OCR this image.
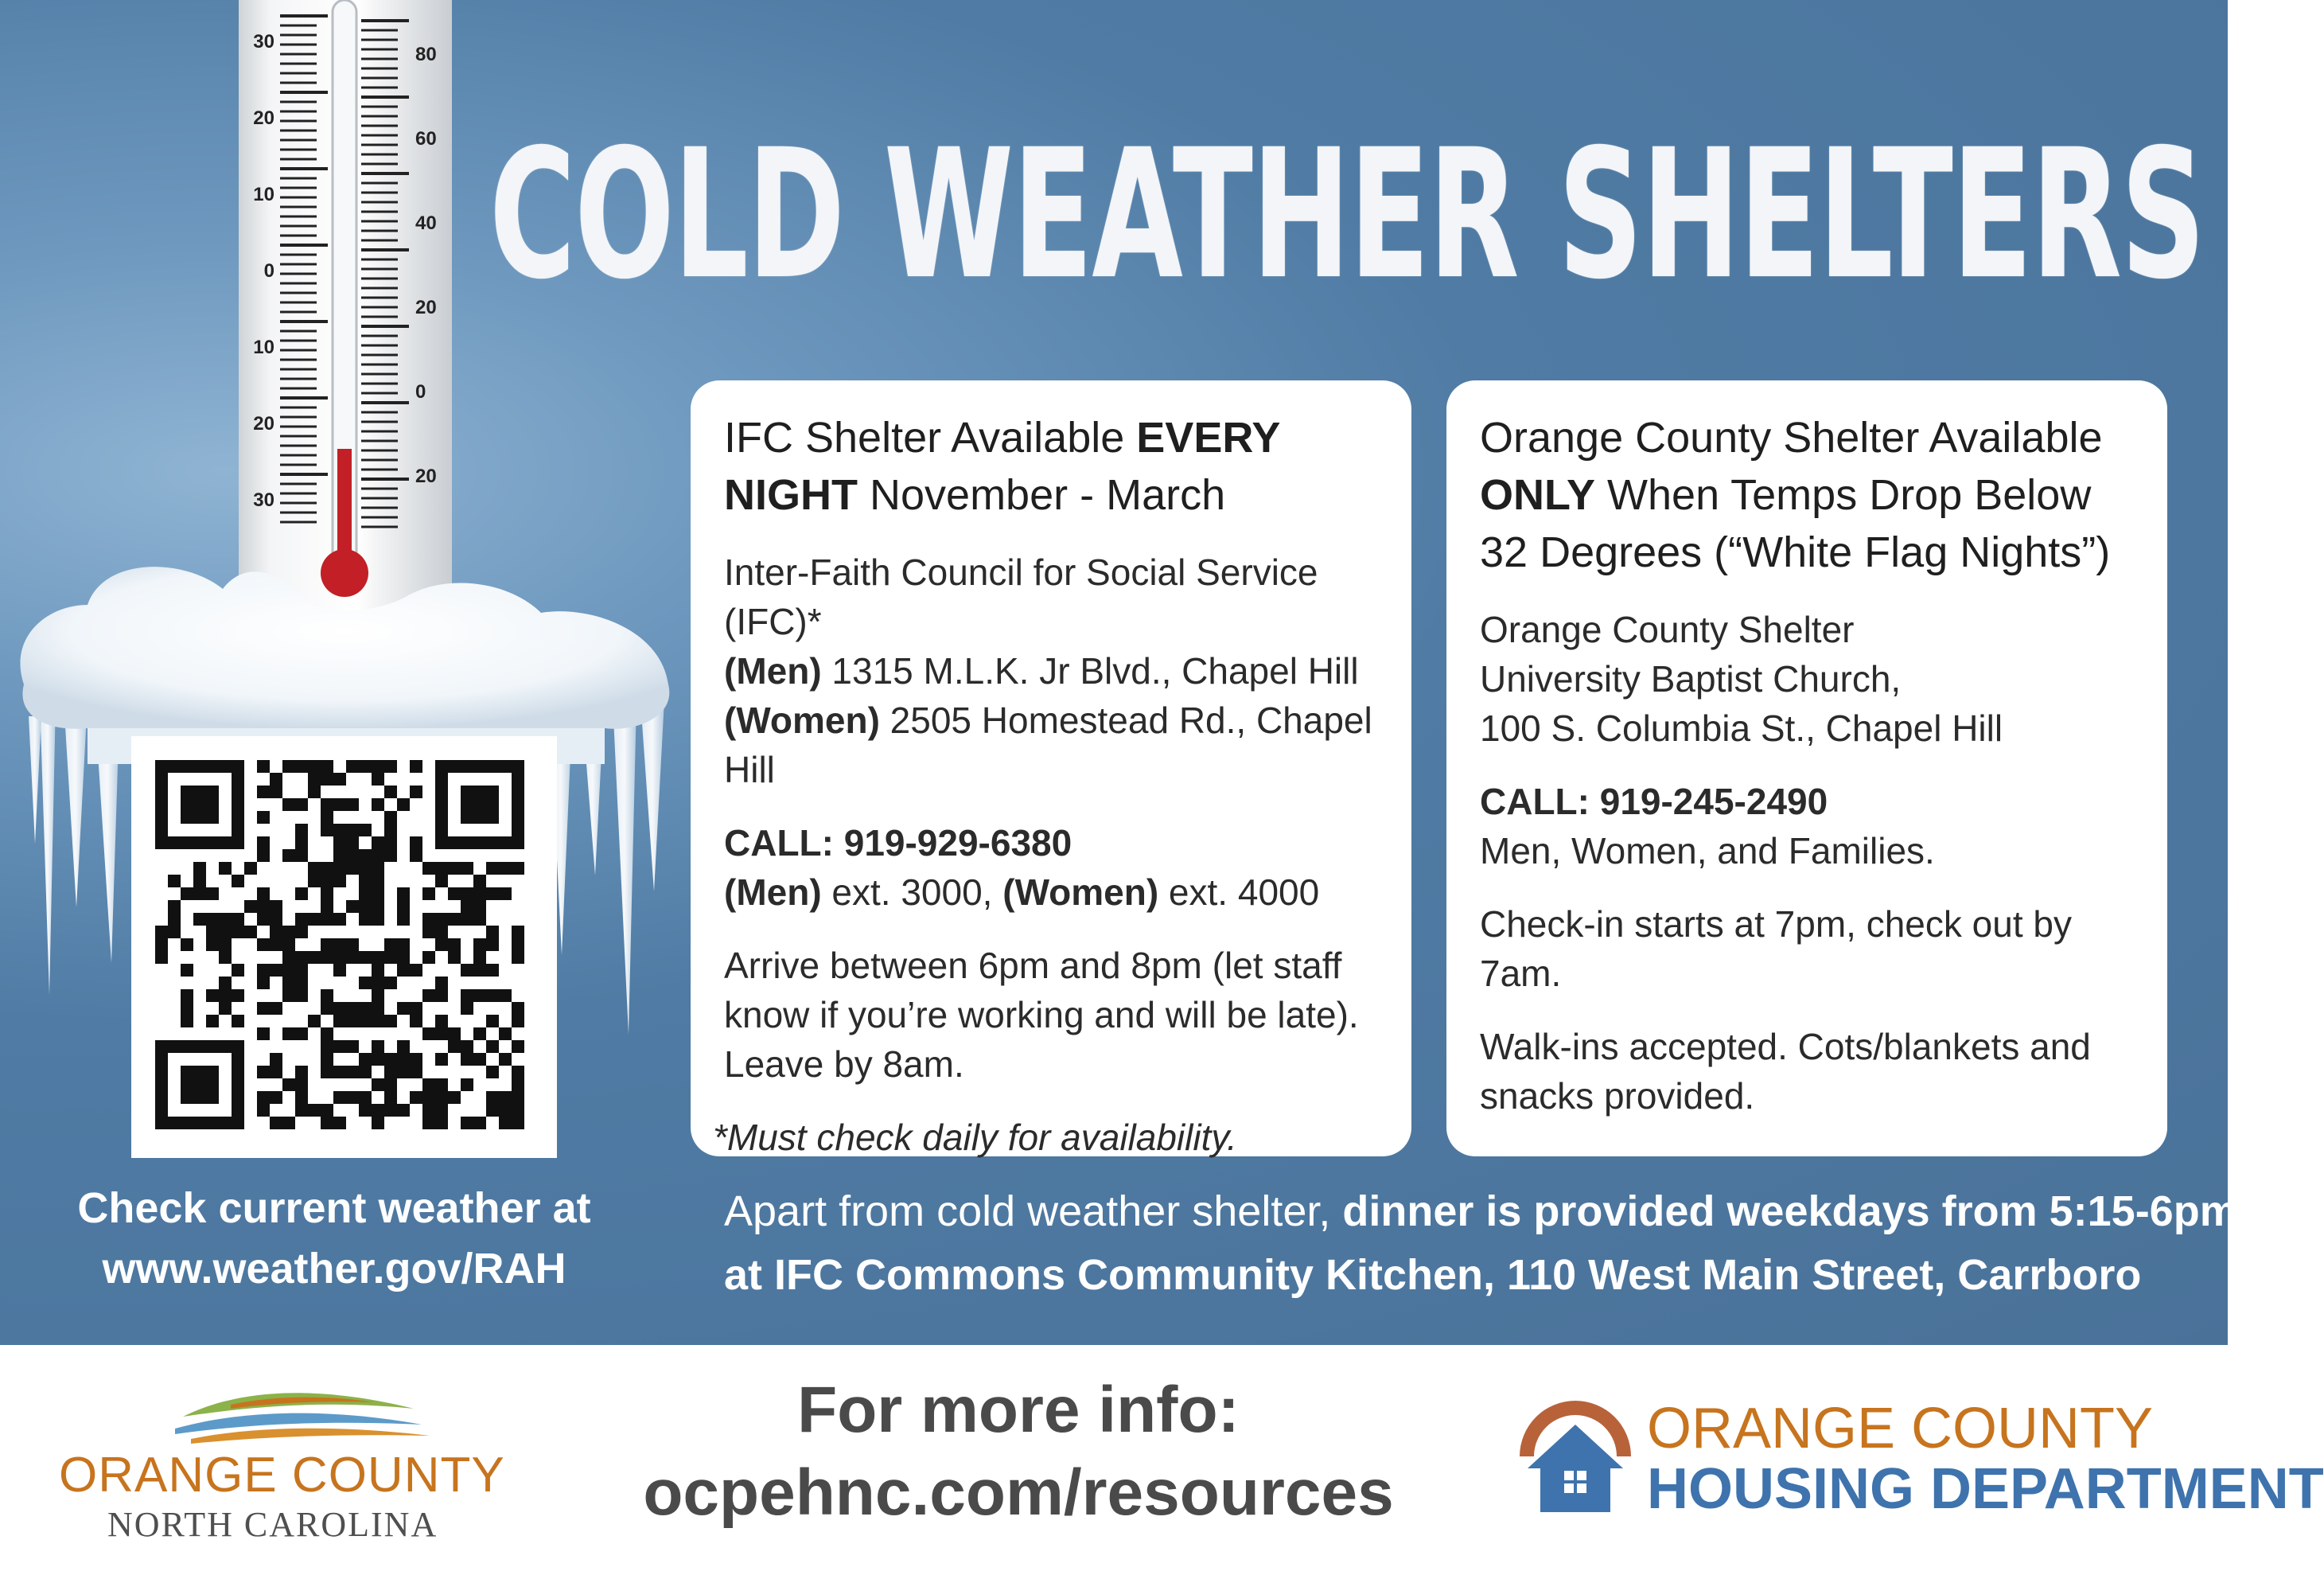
30
20
10
0
10
20
30
80
60
40
20
0
20
COLD WEATHER SHELTERS
IFC Shelter Available EVERY NIGHT November - March

Inter-Faith Council for Social Service (IFC)*
(Men) 1315 M.L.K. Jr Blvd., Chapel Hill
(Women) 2505 Homestead Rd., Chapel Hill

CALL: 919-929-6380
(Men) ext. 3000, (Women) ext. 4000

Arrive between 6pm and 8pm (let staff know if you’re working and will be late). Leave by 8am.

*Must check daily for availability.

Orange County Shelter Available ONLY When Temps Drop Below 32 Degrees (“White Flag Nights”)

Orange County Shelter
University Baptist Church,
100 S. Columbia St., Chapel Hill

CALL: 919-245-2490
Men, Women, and Families.

Check-in starts at 7pm, check out by 7am.

Walk-ins accepted. Cots/blankets and snacks provided.

Check current weather at
www.weather.gov/RAH
Apart from cold weather shelter, dinner is provided weekdays from 5:15-6pm
at IFC Commons Community Kitchen, 110 West Main Street, Carrboro
ORANGE COUNTY
NORTH CAROLINA
For more info:
ocpehnc.com/resources
ORANGE COUNTY
HOUSING DEPARTMENT
